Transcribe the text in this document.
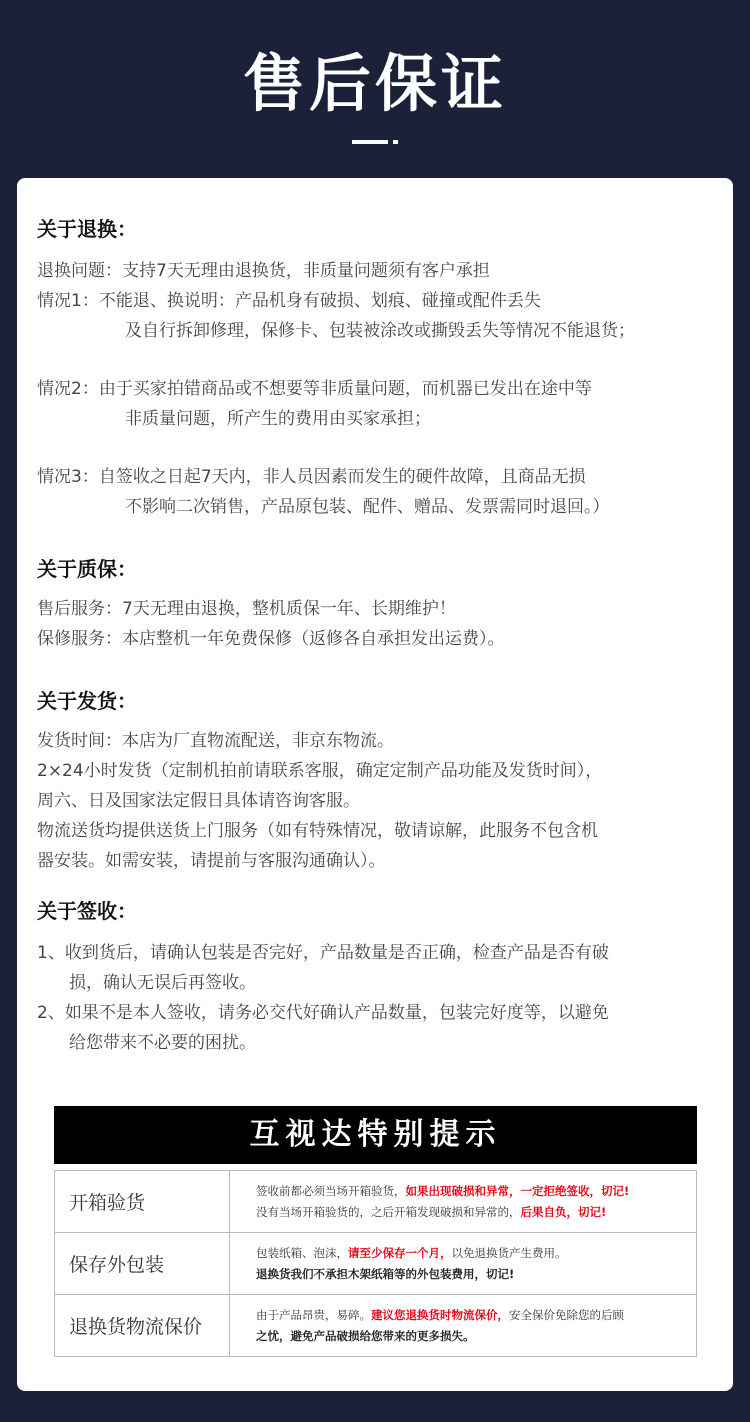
售后保证
关于退换：
退换问题：支持7天无理由退换货，非质量问题须有客户承担
情况1：不能退、换说明：产品机身有破损、划痕、碰撞或配件丢失
及自行拆卸修理，保修卡、包装被涂改或撕毁丢失等情况不能退货；
情况2：由于买家拍错商品或不想要等非质量问题，而机器已发出在途中等
非质量问题，所产生的费用由买家承担；
情况3：自签收之日起7天内，非人员因素而发生的硬件故障，且商品无损
不影响二次销售，产品原包装、配件、赠品、发票需同时退回。）
关于质保：
售后服务：7天无理由退换，整机质保一年、长期维护！
保修服务：本店整机一年免费保修（返修各自承担发出运费）。
关于发货：
发货时间：本店为厂直物流配送，非京东物流。
2×24小时发货（定制机拍前请联系客服，确定定制产品功能及发货时间），
周六、日及国家法定假日具体请咨询客服。
物流送货均提供送货上门服务（如有特殊情况，敬请谅解，此服务不包含机
器安装。如需安装，请提前与客服沟通确认）。
关于签收：
1、收到货后，请确认包装是否完好，产品数量是否正确，检查产品是否有破
损，确认无误后再签收。
2、如果不是本人签收，请务必交代好确认产品数量，包装完好度等，以避免
给您带来不必要的困扰。
互视达特别提示
开箱验货	签收前都必须当场开箱验货，如果出现破损和异常，一定拒绝签收，切记!
没有当场开箱验货的，之后开箱发现破损和异常的，后果自负，切记!

保存外包装	包装纸箱、泡沫，请至少保存一个月，以免退换货产生费用。
退换货我们不承担木架纸箱等的外包装费用，切记!

退换货物流保价	由于产品昂贵，易碎。建议您退换货时物流保价，安全保价免除您的后顾
之忧，避免产品破损给您带来的更多损失。
